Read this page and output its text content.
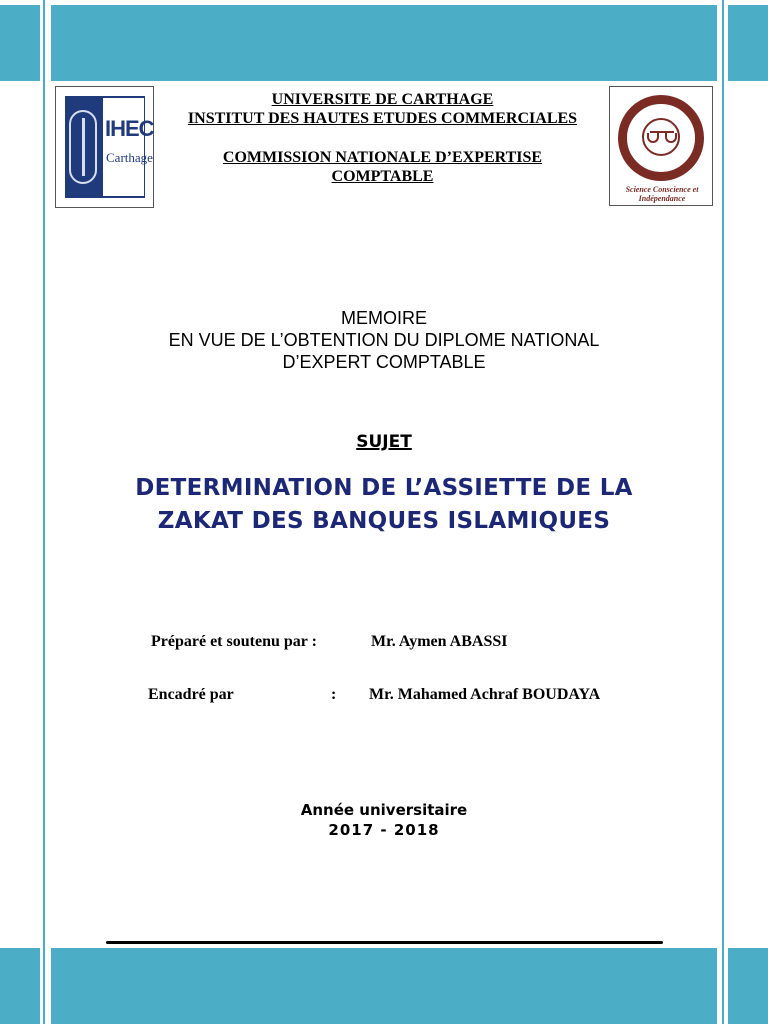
IHEC
Carthage
Science Conscience et Indépendance
UNIVERSITE DE CARTHAGE
INSTITUT DES HAUTES ETUDES COMMERCIALES
COMMISSION NATIONALE D’EXPERTISE
COMPTABLE
MEMOIRE
EN VUE DE L’OBTENTION DU DIPLOME NATIONAL
D’EXPERT COMPTABLE
SUJET
DETERMINATION DE L’ASSIETTE DE LA
ZAKAT DES BANQUES ISLAMIQUES
Préparé et soutenu par :	Mr. Aymen ABASSI
Encadré par	: Mr. Mahamed Achraf BOUDAYA
Année universitaire
2017 - 2018
